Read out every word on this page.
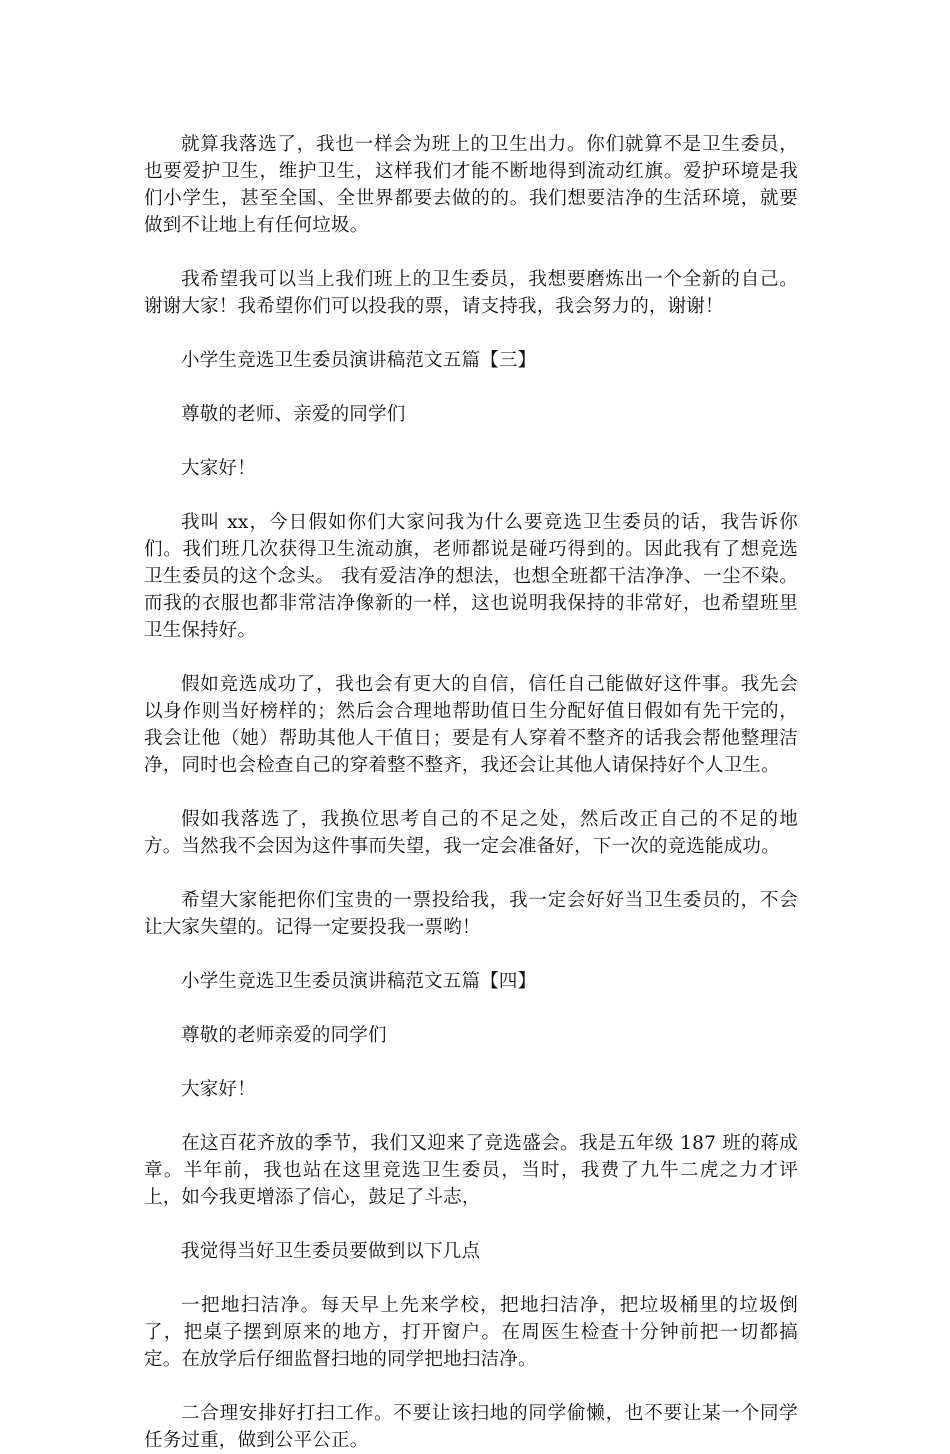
就算我落选了，我也一样会为班上的卫生出力。你们就算不是卫生委员，也要爱护卫生，维护卫生，这样我们才能不断地得到流动红旗。爱护环境是我们小学生，甚至全国、全世界都要去做的的。我们想要洁净的生活环境，就要做到不让地上有任何垃圾。

我希望我可以当上我们班上的卫生委员，我想要磨炼出一个全新的自己。谢谢大家！我希望你们可以投我的票，请支持我，我会努力的，谢谢！

小学生竞选卫生委员演讲稿范文五篇【三】

尊敬的老师、亲爱的同学们

大家好！

我叫 xx，今日假如你们大家问我为什么要竞选卫生委员的话，我告诉你们。我们班几次获得卫生流动旗，老师都说是碰巧得到的。因此我有了想竞选卫生委员的这个念头。 我有爱洁净的想法，也想全班都干洁净净、一尘不染。而我的衣服也都非常洁净像新的一样，这也说明我保持的非常好，也希望班里卫生保持好。

假如竞选成功了，我也会有更大的自信，信任自己能做好这件事。我先会以身作则当好榜样的；然后会合理地帮助值日生分配好值日假如有先干完的，我会让他（她）帮助其他人干值日；要是有人穿着不整齐的话我会帮他整理洁净，同时也会检查自己的穿着整不整齐，我还会让其他人请保持好个人卫生。

假如我落选了，我换位思考自己的不足之处，然后改正自己的不足的地方。当然我不会因为这件事而失望，我一定会准备好，下一次的竞选能成功。

希望大家能把你们宝贵的一票投给我，我一定会好好当卫生委员的，不会让大家失望的。记得一定要投我一票哟！

小学生竞选卫生委员演讲稿范文五篇【四】

尊敬的老师亲爱的同学们

大家好！

在这百花齐放的季节，我们又迎来了竞选盛会。我是五年级 187 班的蒋成章。半年前，我也站在这里竞选卫生委员，当时，我费了九牛二虎之力才评上，如今我更增添了信心，鼓足了斗志，

我觉得当好卫生委员要做到以下几点

一把地扫洁净。每天早上先来学校，把地扫洁净，把垃圾桶里的垃圾倒了，把桌子摆到原来的地方，打开窗户。在周医生检查十分钟前把一切都搞定。在放学后仔细监督扫地的同学把地扫洁净。

二合理安排好打扫工作。不要让该扫地的同学偷懒，也不要让某一个同学任务过重，做到公平公正。
